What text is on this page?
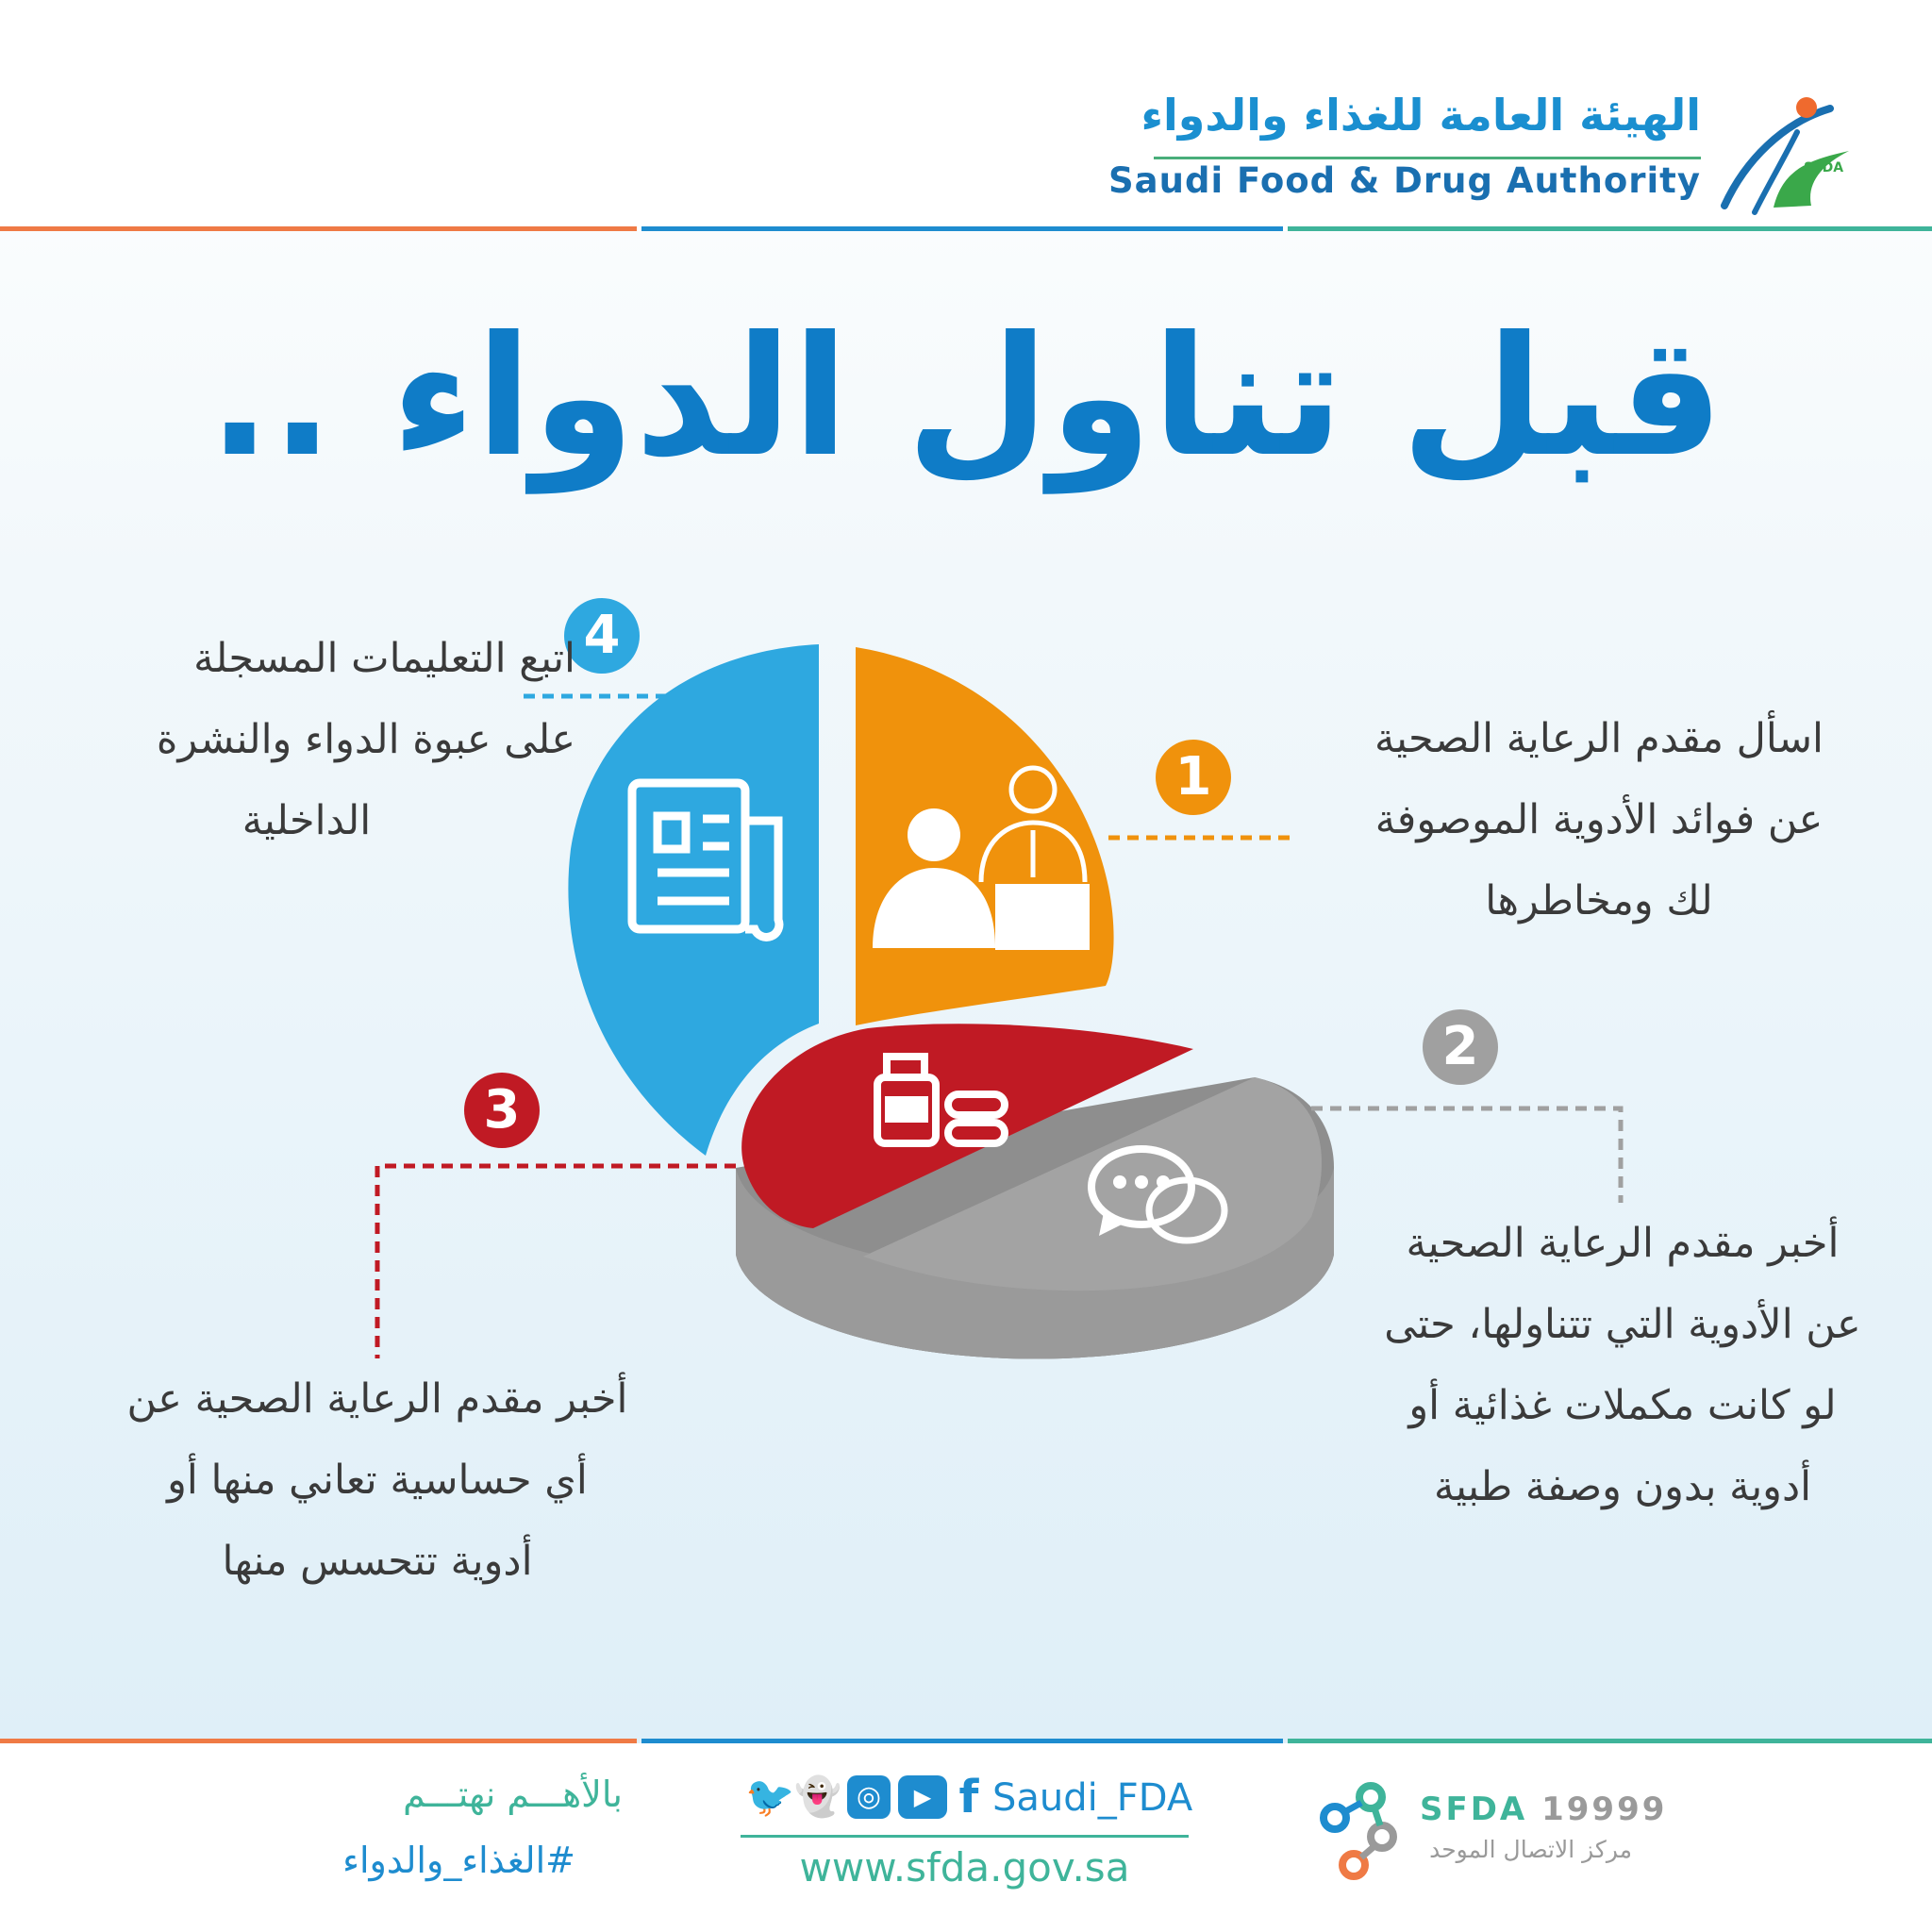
الهيئة العامة للغذاء والدواء
Saudi Food & Drug Authority	SFDA
قبل تناول الدواء ..
4
1
2
3
اتبع التعليمات المسجلة
على عبوة الدواء والنشرة
الداخلية
اسأل مقدم الرعاية الصحية
عن فوائد الأدوية الموصوفة
لك ومخاطرها
أخبر مقدم الرعاية الصحية
عن الأدوية التي تتناولها، حتى
لو كانت مكملات غذائية أو
أدوية بدون وصفة طبية
أخبر مقدم الرعاية الصحية عن
أي حساسية تعاني منها أو
أدوية تتحسس منها
بالأهـــم نهتـــم
#الغذاء_والدواء
🐦 👻 ◎	▶ f Saudi_FDA
www.sfda.gov.sa
SFDA 19999
مركز الاتصال الموحد
